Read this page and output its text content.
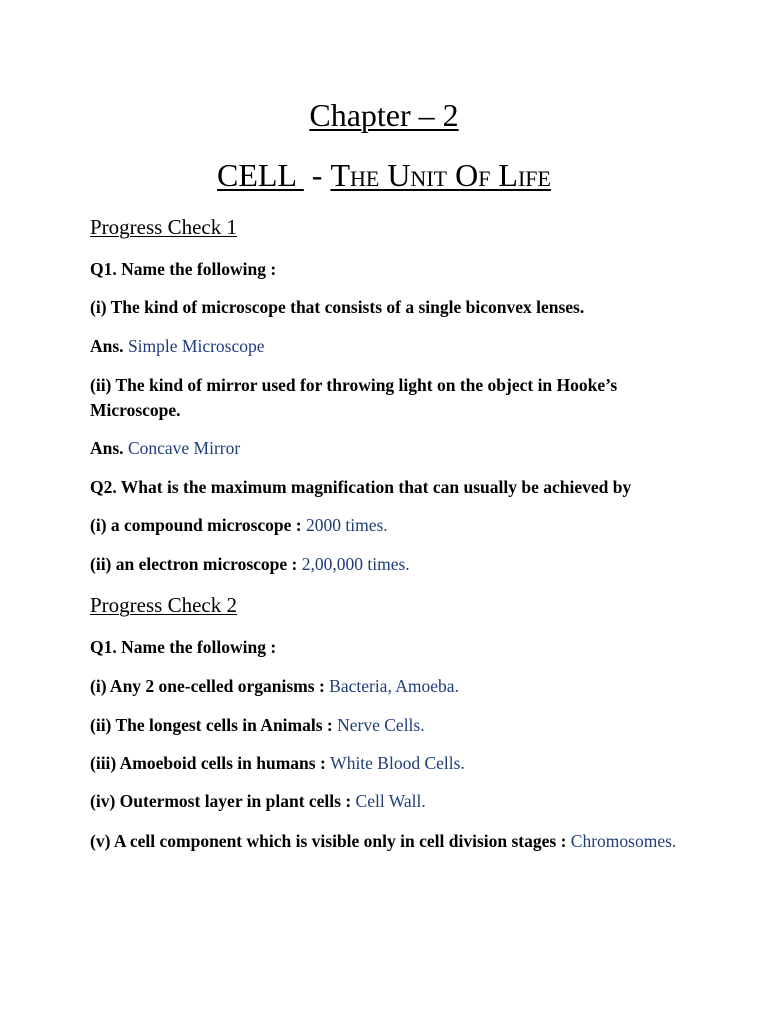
Chapter – 2
CELL  - The Unit Of Life
Progress Check 1
Q1. Name the following :
(i) The kind of microscope that consists of a single biconvex lenses.
Ans. Simple Microscope
(ii) The kind of mirror used for throwing light on the object in Hooke’s Microscope.
Ans. Concave Mirror
Q2. What is the maximum magnification that can usually be achieved by
(i) a compound microscope : 2000 times.
(ii) an electron microscope : 2,00,000 times.
Progress Check 2
Q1. Name the following :
(i) Any 2 one-celled organisms : Bacteria, Amoeba.
(ii) The longest cells in Animals : Nerve Cells.
(iii) Amoeboid cells in humans : White Blood Cells.
(iv) Outermost layer in plant cells : Cell Wall.
(v) A cell component which is visible only in cell division stages : Chromosomes.
